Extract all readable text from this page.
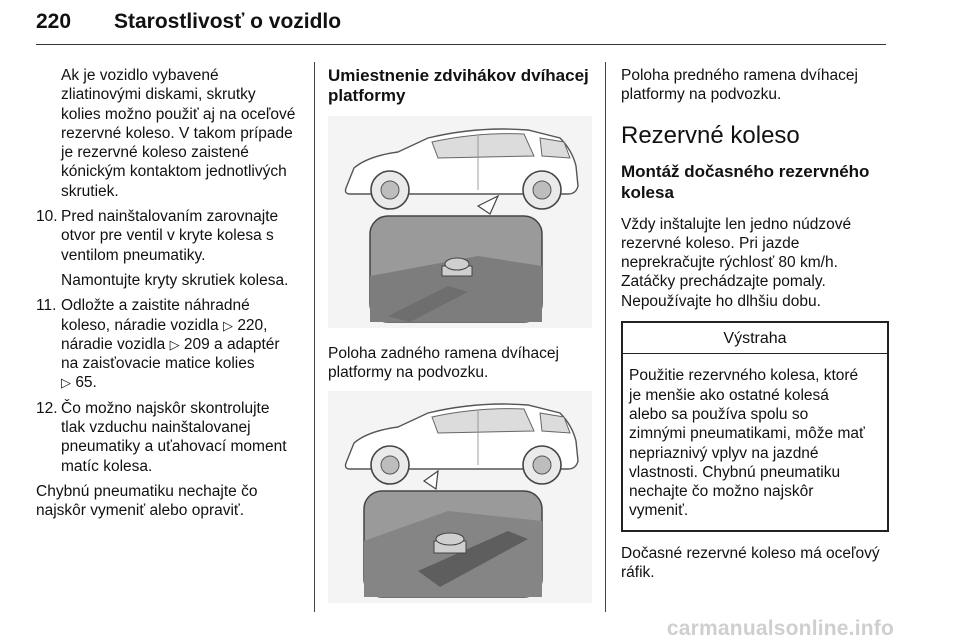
220 Starostlivosť o vozidlo

Ak je vozidlo vybavené

zliatinovými diskami, skrutky

kolies možno použiť aj na oceľové

rezervné koleso. V takom prípade

je rezervné koleso zaistené

kónickým kontaktom jednotlivých

skrutiek.

10. Pred nainštalovaním zarovnajte

otvor pre ventil v kryte kolesa s

ventilom pneumatiky.

Namontujte kryty skrutiek kolesa.

11. Odložte a zaistite náhradné

koleso, náradie vozidla ▷ 220,

náradie vozidla ▷ 209 a adaptér

na zaisťovacie matice kolies

▷ 65.

12. Čo možno najskôr skontrolujte

tlak vzduchu nainštalovanej

pneumatiky a uťahovací moment

matíc kolesa.

Chybnú pneumatiku nechajte čo

najskôr vymeniť alebo opraviť.

Umiestnenie zdvihákov dvíhacej

platformy

Poloha zadného ramena dvíhacej

platformy na podvozku.

Poloha predného ramena dvíhacej

platformy na podvozku.

Rezervné koleso

Montáž dočasného rezervného

kolesa

Vždy inštalujte len jedno núdzové

rezervné koleso. Pri jazde

neprekračujte rýchlosť 80 km/h.

Zatáčky prechádzajte pomaly.

Nepoužívajte ho dlhšiu dobu.

Výstraha

Použitie rezervného kolesa, ktoré

je menšie ako ostatné kolesá

alebo sa používa spolu so

zimnými pneumatikami, môže mať

nepriaznivý vplyv na jazdné

vlastnosti. Chybnú pneumatiku

nechajte čo možno najskôr

vymeniť.

Dočasné rezervné koleso má oceľový

ráfik.

carmanualsonline.info
